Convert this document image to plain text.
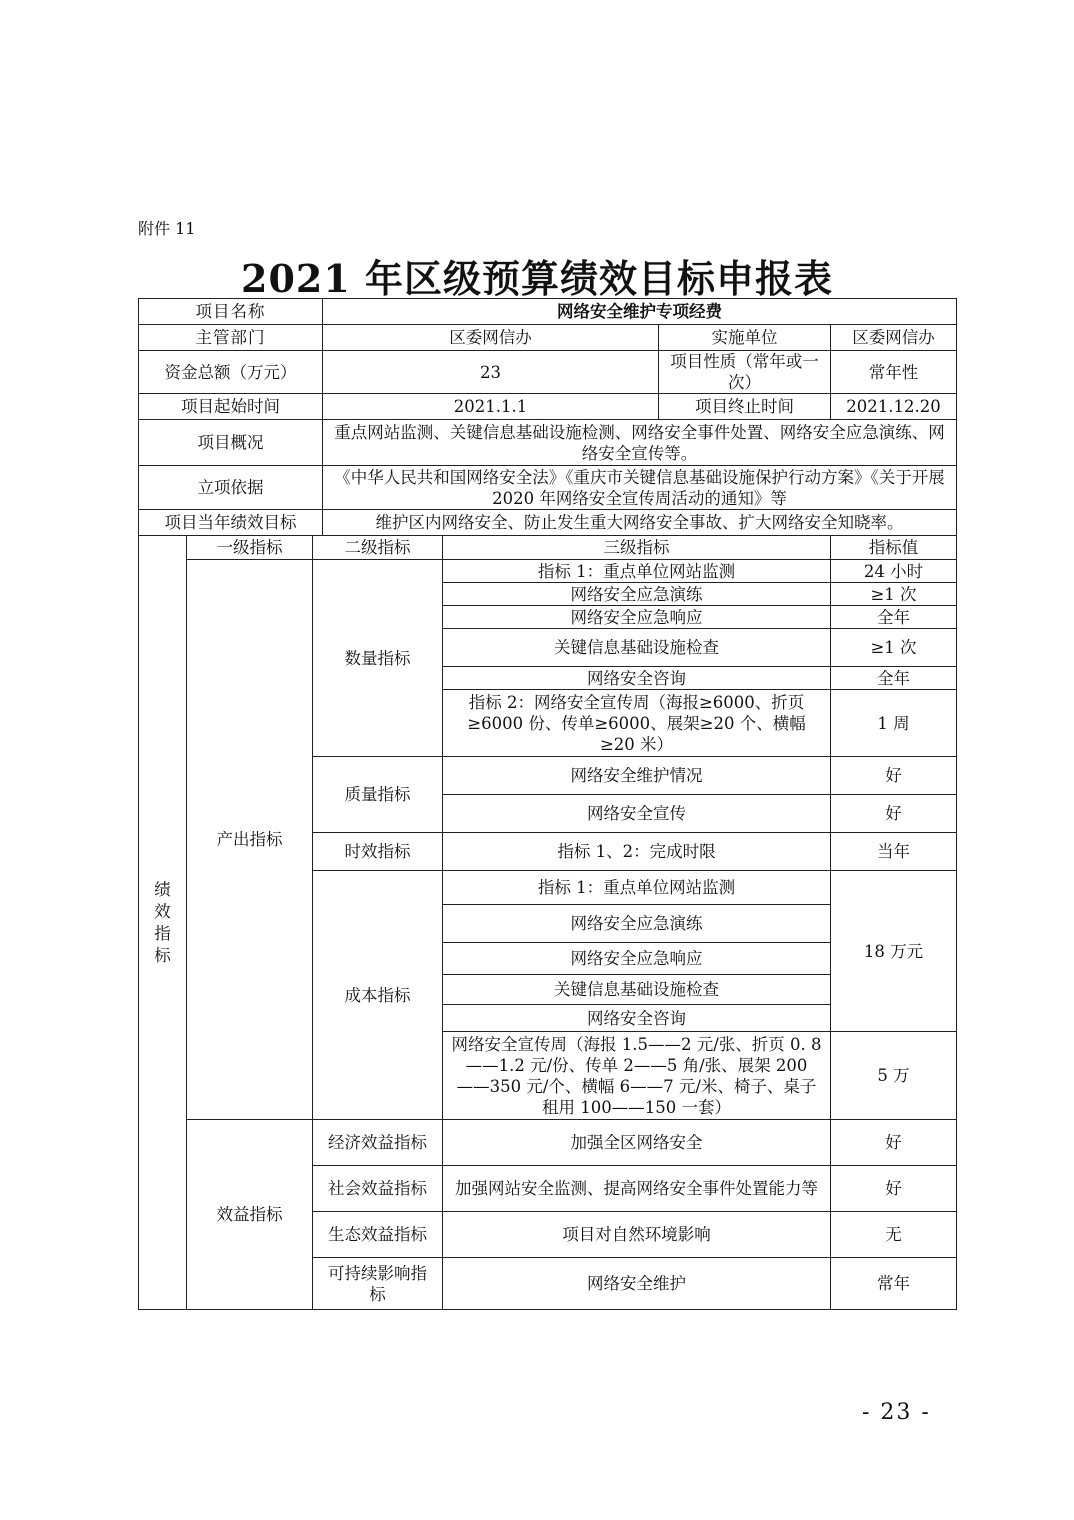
附件 11
2021 年区级预算绩效目标申报表
项目名称			网络安全维护专项经费			
主管部门			区委网信办		实施单位	区委网信办
资金总额（万元）			23		项目性质（常年或一次）	常年性
项目起始时间			2021.1.1		项目终止时间	2021.12.20
项目概况			重点网站监测、关键信息基础设施检测、网络安全事件处置、网络安全应急演练、网络安全宣传等。			
立项依据			《中华人民共和国网络安全法》《重庆市关键信息基础设施保护行动方案》《关于开展 2020 年网络安全宣传周活动的通知》等			
项目当年绩效目标			维护区内网络安全、防止发生重大网络安全事故、扩大网络安全知晓率。			
绩效指标	一级指标	二级指标		三级指标		指标值
	产出指标	数量指标		指标 1：重点单位网站监测		24 小时
				网络安全应急演练		≥1 次
				网络安全应急响应		全年
				关键信息基础设施检查		≥1 次
				网络安全咨询		全年
				指标 2：网络安全宣传周（海报≥6000、折页≥6000 份、传单≥6000、展架≥20 个、横幅≥20 米）		1 周
		质量指标		网络安全维护情况		好
				网络安全宣传		好
		时效指标		指标 1、2：完成时限		当年
		成本指标		指标 1：重点单位网站监测		18 万元
				网络安全应急演练		
				网络安全应急响应		
				关键信息基础设施检查		
				网络安全咨询		
				网络安全宣传周（海报 1.5——2 元/张、折页 0. 8——1.2 元/份、传单 2——5 角/张、展架 200——350 元/个、横幅 6——7 元/米、椅子、桌子租用 100——150 一套）		5 万
	效益指标	经济效益指标		加强全区网络安全		好
		社会效益指标		加强网站安全监测、提高网络安全事件处置能力等		好
		生态效益指标		项目对自然环境影响		无
		可持续影响指标		网络安全维护		常年
- 23 -
